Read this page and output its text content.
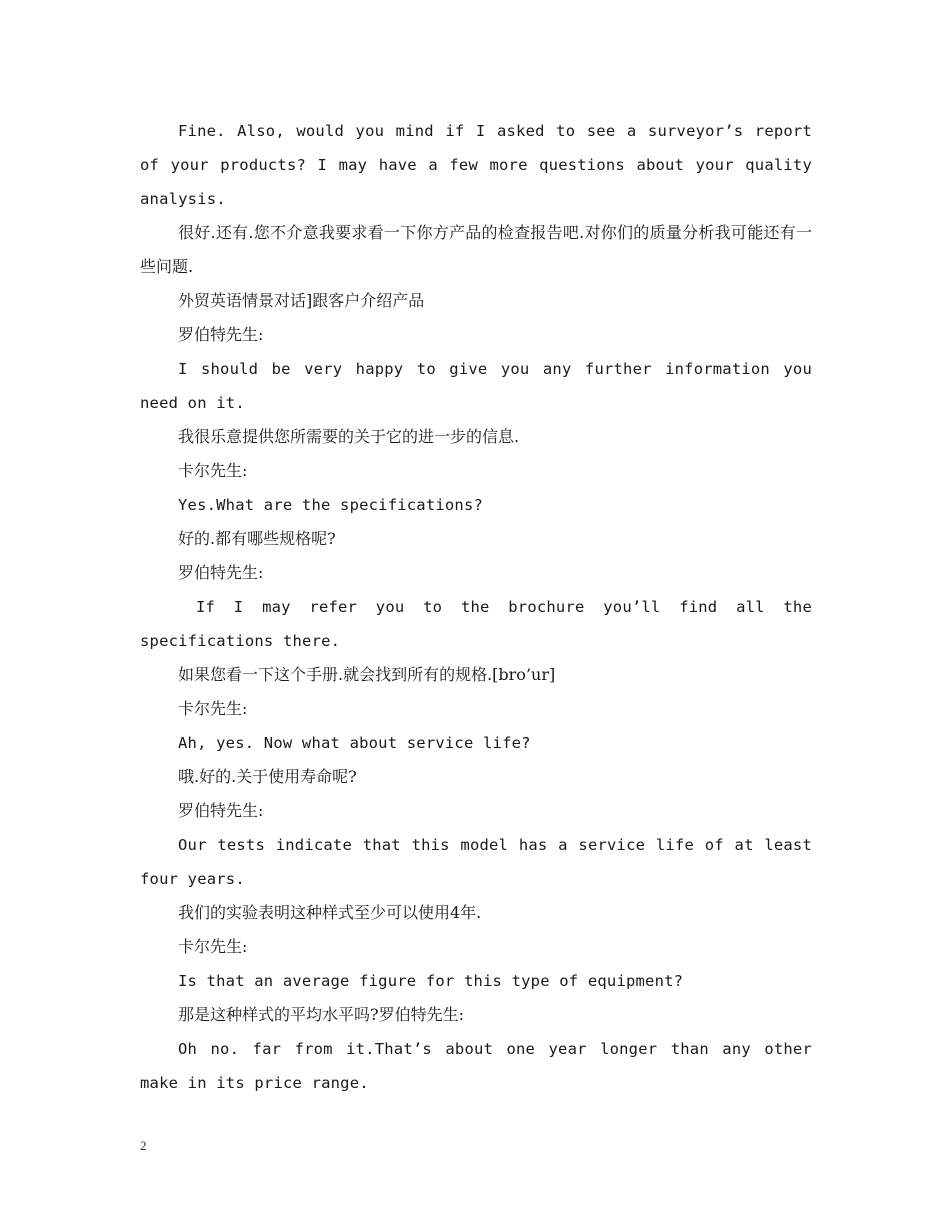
Fine. Also, would you mind if I asked to see a surveyor’s report of your products? I may have a few more questions about your quality analysis.

很好.还有.您不介意我要求看一下你方产品的检查报告吧.对你们的质量分析我可能还有一些问题.

外贸英语情景对话]跟客户介绍产品

罗伯特先生:

I should be very happy to give you any further information you need on it.

我很乐意提供您所需要的关于它的进一步的信息.

卡尔先生:

Yes.What are the specifications?

好的.都有哪些规格呢?

罗伯特先生:

If I may refer you to the brochure you’ll find all the specifications there.

如果您看一下这个手册.就会找到所有的规格.[bro’ur]

卡尔先生:

Ah, yes. Now what about service life?

哦.好的.关于使用寿命呢?

罗伯特先生:

Our tests indicate that this model has a service life of at least four years.

我们的实验表明这种样式至少可以使用4年.

卡尔先生:

Is that an average figure for this type of equipment?

那是这种样式的平均水平吗?罗伯特先生:

Oh no. far from it.That’s about one year longer than any other make in its price range.

2
